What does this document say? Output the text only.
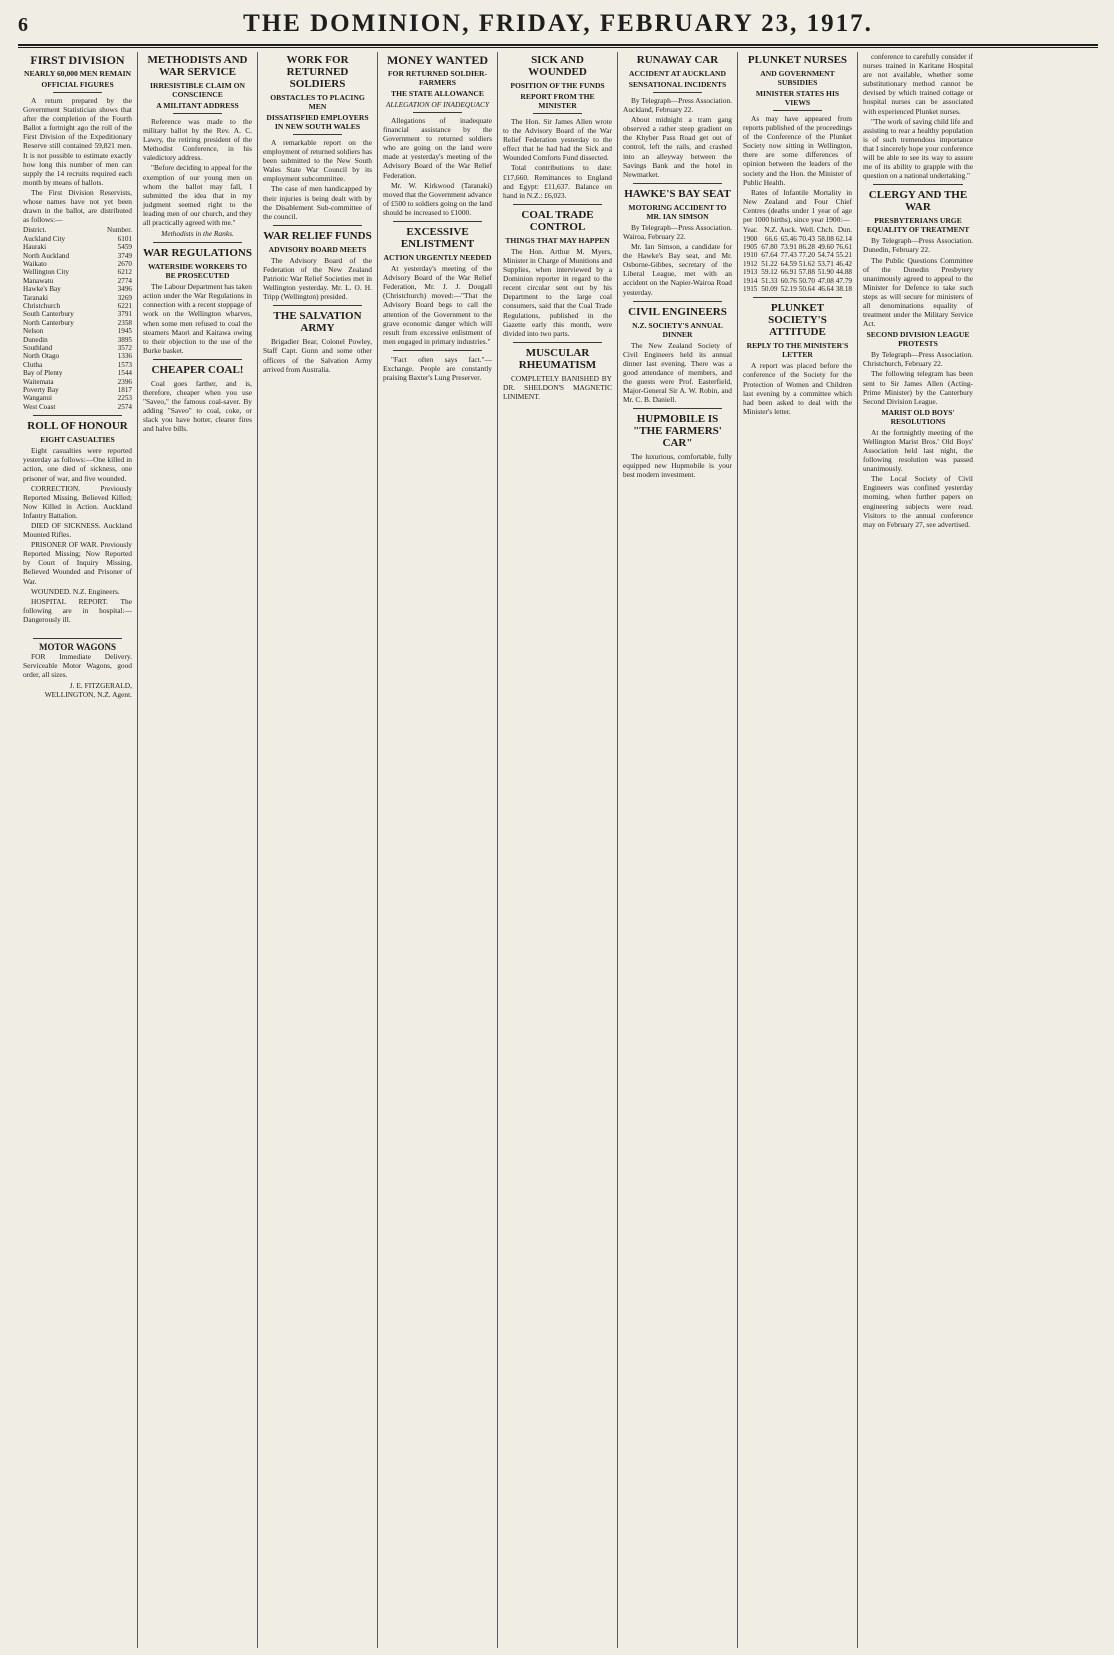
6	THE DOMINION, FRIDAY, FEBRUARY 23, 1917.
FIRST DIVISION
NEARLY 60,000 MEN REMAIN
OFFICIAL FIGURES

A return prepared by the Government Statistician shows that after the completion of the Fourth Ballot a fortnight ago the roll of the First Division of the Expeditionary Reserve still contained 59,821 men. It is not possible to estimate exactly how long this number of men can supply the 14 recruits required each month by means of ballots.

The First Division Reservists, whose names have not yet been drawn in the ballot, are distributed as follows:—

District.	Number.
Auckland City	6101
Hauraki	5459
North Auckland	3749
Waikato	2670
Wellington City	6212
Manawatu	2774
Hawke's Bay	3496
Taranaki	3269
Christchurch	6221
South Canterbury	3791
North Canterbury	2358
Nelson	1945
Dunedin	3895
Southland	3572
North Otago	1336
Clutha	1573
Bay of Plenty	1544
Waitemata	2396
Poverty Bay	1817
Wanganui	2253
West Coast	2574
ROLL OF HONOUR
EIGHT CASUALTIES

Eight casualties were reported yesterday as follows:—One killed in action, one died of sickness, one prisoner of war, and five wounded.

CORRECTION. Previously Reported Missing, Believed Killed; Now Killed in Action. Auckland Infantry Battalion.

DIED OF SICKNESS. Auckland Mounted Rifles.

PRISONER OF WAR. Previously Reported Missing; Now Reported by Court of Inquiry Missing, Believed Wounded and Prisoner of War.

WOUNDED. N.Z. Engineers.

HOSPITAL REPORT. The following are in hospital:— Dangerously ill.

MOTOR WAGONS

FOR Immediate Delivery. Serviceable Motor Wagons, good order, all sizes.

J. E. FITZGERALD, WELLINGTON, N.Z. Agent.

METHODISTS AND WAR SERVICE
IRRESISTIBLE CLAIM ON CONSCIENCE
A MILITANT ADDRESS

Reference was made to the military ballot by the Rev. A. C. Lawry, the retiring president of the Methodist Conference, in his valedictory address.

"Before deciding to appeal for the exemption of our young men on whom the ballot may fall, I submitted the idea that in my judgment seemed right to the leading men of our church, and they all practically agreed with me."

Methodists in the Ranks.
WAR REGULATIONS
WATERSIDE WORKERS TO BE PROSECUTED

The Labour Department has taken action under the War Regulations in connection with a recent stoppage of work on the Wellington wharves, when some men refused to coal the steamers Maori and Kaitawa owing to their objection to the use of the Burke basket.

CHEAPER COAL!

Coal goes farther, and is, therefore, cheaper when you use "Saveo," the famous coal-saver. By adding "Saveo" to coal, coke, or slack you have hotter, clearer fires and halve bills.

WORK FOR RETURNED SOLDIERS
OBSTACLES TO PLACING MEN
DISSATISFIED EMPLOYERS IN NEW SOUTH WALES

A remarkable report on the employment of returned soldiers has been submitted to the New South Wales State War Council by its employment subcommittee.

The case of men handicapped by their injuries is being dealt with by the Disablement Sub-committee of the council.

WAR RELIEF FUNDS
ADVISORY BOARD MEETS

The Advisory Board of the Federation of the New Zealand Patriotic War Relief Societies met in Wellington yesterday. Mr. L. O. H. Tripp (Wellington) presided.

THE SALVATION ARMY

Brigadier Bear, Colonel Powley, Staff Capt. Gunn and some other officers of the Salvation Army arrived from Australia.

MONEY WANTED
FOR RETURNED SOLDIER-FARMERS
THE STATE ALLOWANCE
ALLEGATION OF INADEQUACY

Allegations of inadequate financial assistance by the Government to returned soldiers who are going on the land were made at yesterday's meeting of the Advisory Board of the War Relief Federation.

Mr. W. Kirkwood (Taranaki) moved that the Government advance of £500 to soldiers going on the land should be increased to £1000.

EXCESSIVE ENLISTMENT
ACTION URGENTLY NEEDED

At yesterday's meeting of the Advisory Board of the War Relief Federation, Mr. J. J. Dougall (Christchurch) moved:—"That the Advisory Board begs to call the attention of the Government to the grave economic danger which will result from excessive enlistment of men engaged in primary industries."

"Fact often says fact."—Exchange. People are constantly praising Baxter's Lung Preserver.

SICK AND WOUNDED
POSITION OF THE FUNDS
REPORT FROM THE MINISTER

The Hon. Sir James Allen wrote to the Advisory Board of the War Relief Federation yesterday to the effect that he had had the Sick and Wounded Comforts Fund dissected.

Total contributions to date: £17,660. Remittances to England and Egypt: £11,637. Balance on hand in N.Z.: £6,023.

COAL TRADE CONTROL
THINGS THAT MAY HAPPEN

The Hon. Arthur M. Myers, Minister in Charge of Munitions and Supplies, when interviewed by a Dominion reporter in regard to the recent circular sent out by his Department to the large coal consumers, said that the Coal Trade Regulations, published in the Gazette early this month, were divided into two parts.

MUSCULAR RHEUMATISM

COMPLETELY BANISHED BY DR. SHELDON'S MAGNETIC LINIMENT.

RUNAWAY CAR
ACCIDENT AT AUCKLAND
SENSATIONAL INCIDENTS

By Telegraph—Press Association. Auckland, February 22.

About midnight a tram gang observed a rather steep gradient on the Khyber Pass Road get out of control, left the rails, and crashed into an alleyway between the Savings Bank and the hotel in Newmarket.

HAWKE'S BAY SEAT
MOTORING ACCIDENT TO MR. IAN SIMSON

By Telegraph—Press Association. Wairoa, February 22.

Mr. Ian Simson, a candidate for the Hawke's Bay seat, and Mr. Osborne-Gibbes, secretary of the Liberal League, met with an accident on the Napier-Wairoa Road yesterday.

CIVIL ENGINEERS
N.Z. SOCIETY'S ANNUAL DINNER

The New Zealand Society of Civil Engineers held its annual dinner last evening. There was a good attendance of members, and the guests were Prof. Easterfield, Major-General Sir A. W. Robin, and Mr. C. B. Daniell.

HUPMOBILE IS "THE FARMERS' CAR"

The luxurious, comfortable, fully equipped new Hupmobile is your best modern investment.

PLUNKET NURSES
AND GOVERNMENT SUBSIDIES
MINISTER STATES HIS VIEWS

As may have appeared from reports published of the proceedings of the Conference of the Plunket Society now sitting in Wellington, there are some differences of opinion between the leaders of the society and the Hon. the Minister of Public Health.

Rates of Infantile Mortality in New Zealand and Four Chief Centres (deaths under 1 year of age per 1000 births), since year 1900:—

Year.	N.Z.	Auck.	Well.	Chch.	Dun.
1900	66.6	65.46	70.43	58.08	62.14
1905	67.80	73.91	86.28	49.60	76.61
1910	67.64	77.43	77.20	54.74	55.21
1912	51.22	64.59	51.62	53.71	46.42
1913	59.12	66.91	57.88	51.90	44.88
1914	51.33	60.76	50.70	47.08	47.79
1915	50.09	52.19	50.64	46.64	38.18
PLUNKET SOCIETY'S ATTITUDE
REPLY TO THE MINISTER'S LETTER

A report was placed before the conference of the Society for the Protection of Women and Children last evening by a committee which had been asked to deal with the Minister's letter.

conference to carefully consider if nurses trained in Karitane Hospital are not available, whether some substitutionary method cannot be devised by which trained cottage or hospital nurses can be associated with experienced Plunket nurses.

"The work of saving child life and assisting to rear a healthy population is of such tremendous importance that I sincerely hope your conference will be able to see its way to assure me of its ability to grapple with the question on a national undertaking."

CLERGY AND THE WAR
PRESBYTERIANS URGE EQUALITY OF TREATMENT

By Telegraph—Press Association. Dunedin, February 22.

The Public Questions Committee of the Dunedin Presbytery unanimously agreed to appeal to the Minister for Defence to take such steps as will secure for ministers of all denominations equality of treatment under the Military Service Act.

SECOND DIVISION LEAGUE PROTESTS

By Telegraph—Press Association. Christchurch, February 22.

The following telegram has been sent to Sir James Allen (Acting-Prime Minister) by the Canterbury Second Division League.

MARIST OLD BOYS' RESOLUTIONS

At the fortnightly meeting of the Wellington Marist Bros.' Old Boys' Association held last night, the following resolution was passed unanimously.

The Local Society of Civil Engineers was confined yesterday morning, when further papers on engineering subjects were read. Visitors to the annual conference may on February 27, see advertised.
